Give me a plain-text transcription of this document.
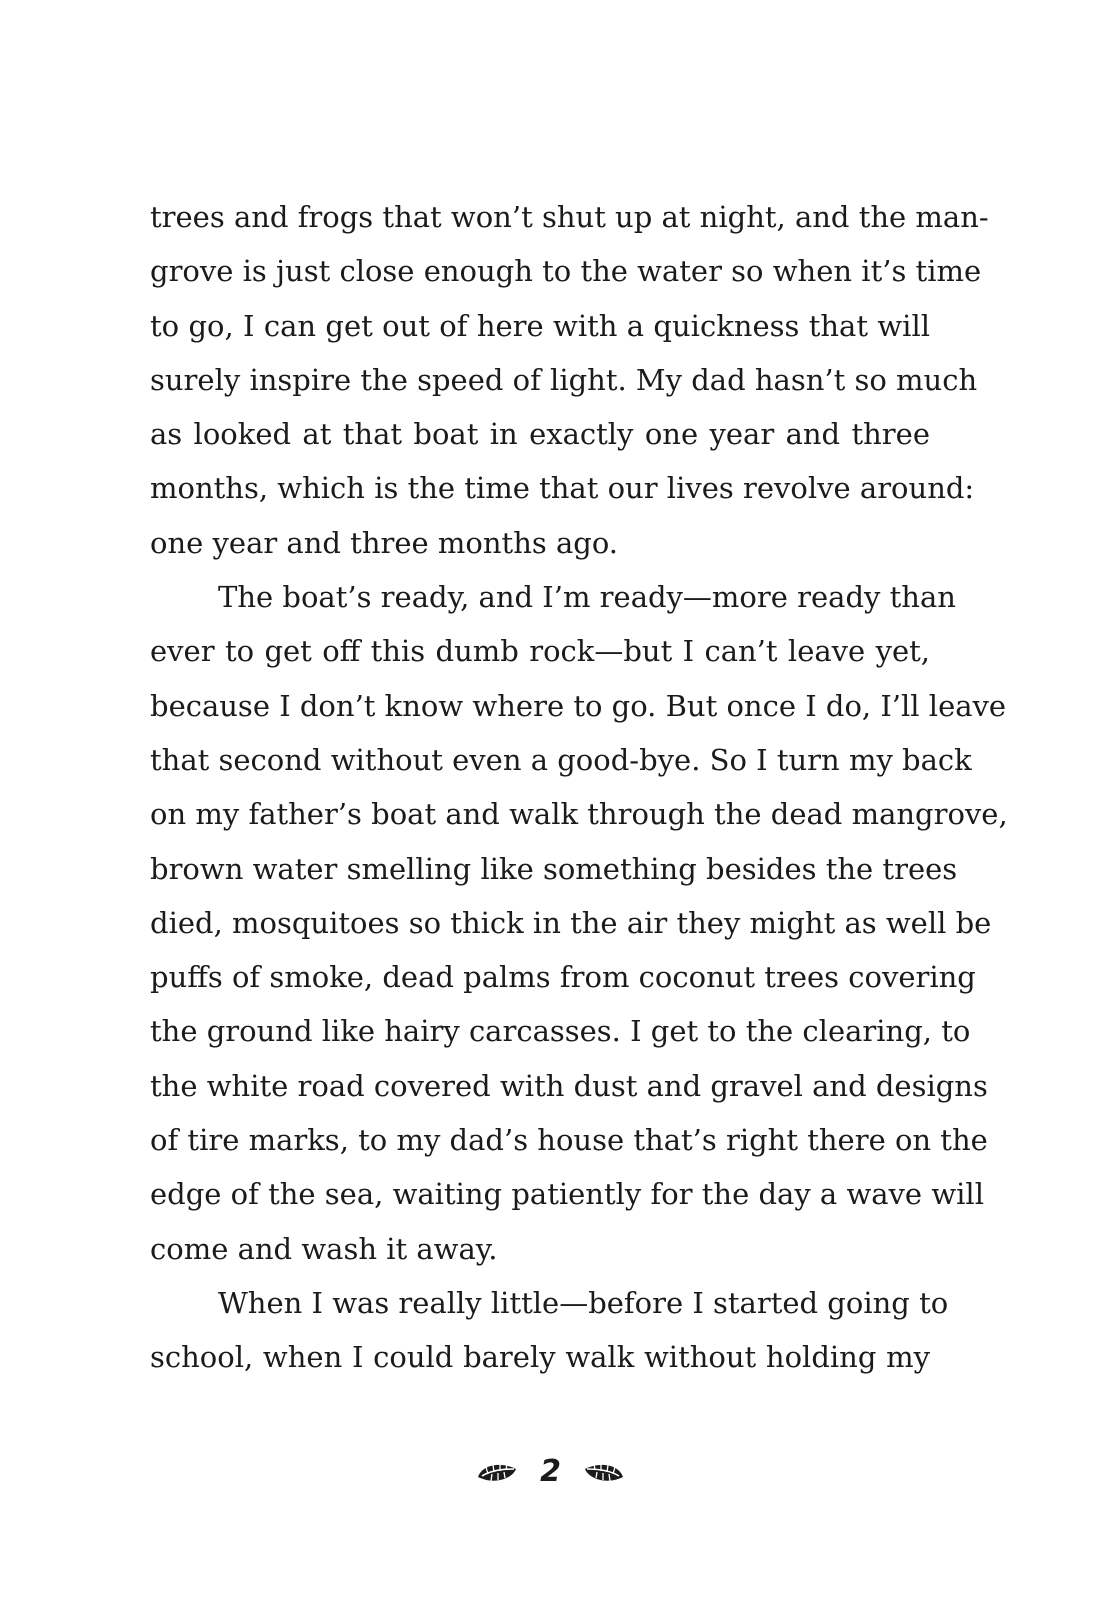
trees and frogs that won’t shut up at night, and the man-
grove is just close enough to the water so when it’s time
to go, I can get out of here with a quickness that will
surely inspire the speed of light. My dad hasn’t so much
as looked at that boat in exactly one year and three
months, which is the time that our lives revolve around:
one year and three months ago.
The boat’s ready, and I’m ready—more ready than
ever to get off this dumb rock—but I can’t leave yet,
because I don’t know where to go. But once I do, I’ll leave
that second without even a good-bye. So I turn my back
on my father’s boat and walk through the dead mangrove,
brown water smelling like something besides the trees
died, mosquitoes so thick in the air they might as well be
puffs of smoke, dead palms from coconut trees covering
the ground like hairy carcasses. I get to the clearing, to
the white road covered with dust and gravel and designs
of tire marks, to my dad’s house that’s right there on the
edge of the sea, waiting patiently for the day a wave will
come and wash it away.
When I was really little—before I started going to
school, when I could barely walk without holding my
2
